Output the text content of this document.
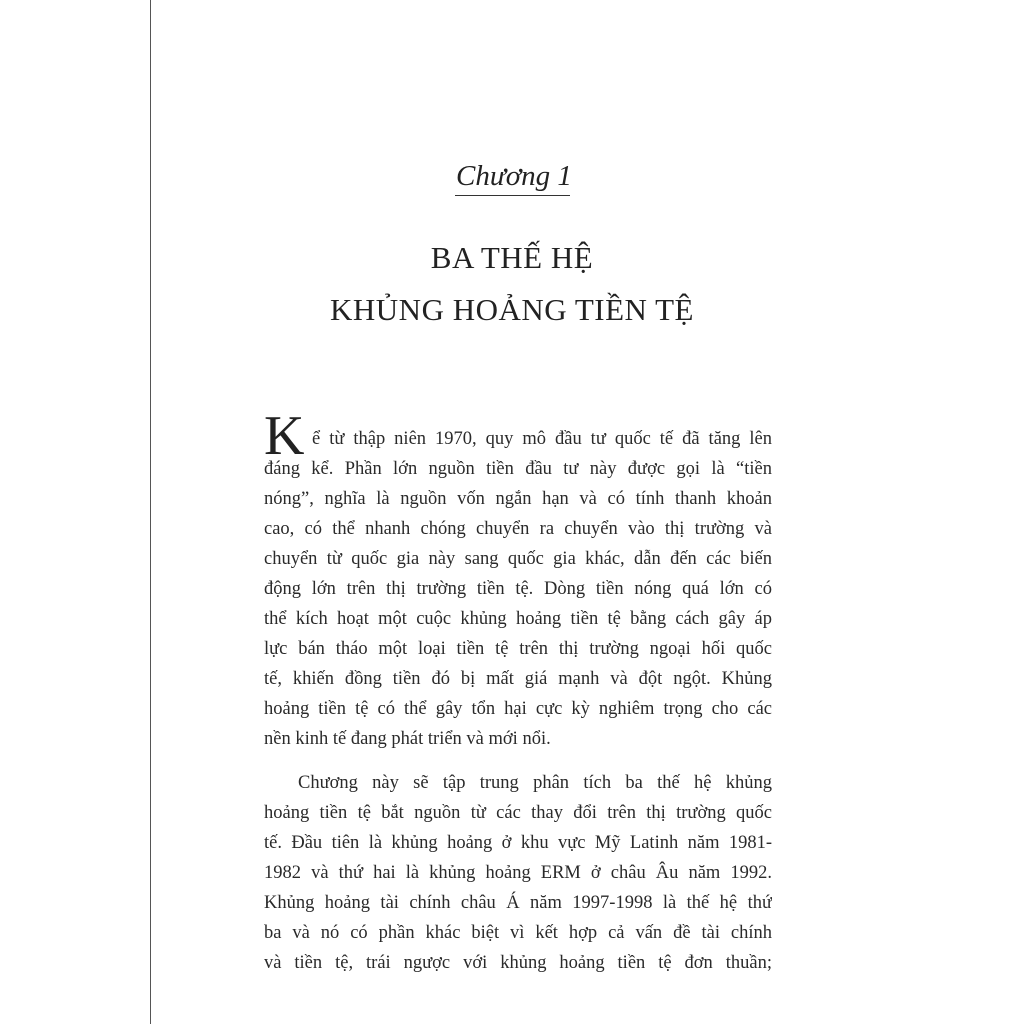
Chương 1
BA THẾ HỆ
KHỦNG HOẢNG TIỀN TỆ
K ể từ thập niên 1970, quy mô đầu tư quốc tế đã tăng lên
đáng kể. Phần lớn nguồn tiền đầu tư này được gọi là “tiền
nóng”, nghĩa là nguồn vốn ngắn hạn và có tính thanh khoản
cao, có thể nhanh chóng chuyển ra chuyển vào thị trường và
chuyển từ quốc gia này sang quốc gia khác, dẫn đến các biến
động lớn trên thị trường tiền tệ. Dòng tiền nóng quá lớn có
thể kích hoạt một cuộc khủng hoảng tiền tệ bằng cách gây áp
lực bán tháo một loại tiền tệ trên thị trường ngoại hối quốc
tế, khiến đồng tiền đó bị mất giá mạnh và đột ngột. Khủng
hoảng tiền tệ có thể gây tổn hại cực kỳ nghiêm trọng cho các
nền kinh tế đang phát triển và mới nổi.
Chương này sẽ tập trung phân tích ba thế hệ khủng
hoảng tiền tệ bắt nguồn từ các thay đổi trên thị trường quốc
tế. Đầu tiên là khủng hoảng ở khu vực Mỹ Latinh năm 1981-
1982 và thứ hai là khủng hoảng ERM ở châu Âu năm 1992.
Khủng hoảng tài chính châu Á năm 1997-1998 là thế hệ thứ
ba và nó có phần khác biệt vì kết hợp cả vấn đề tài chính
và tiền tệ, trái ngược với khủng hoảng tiền tệ đơn thuần;
